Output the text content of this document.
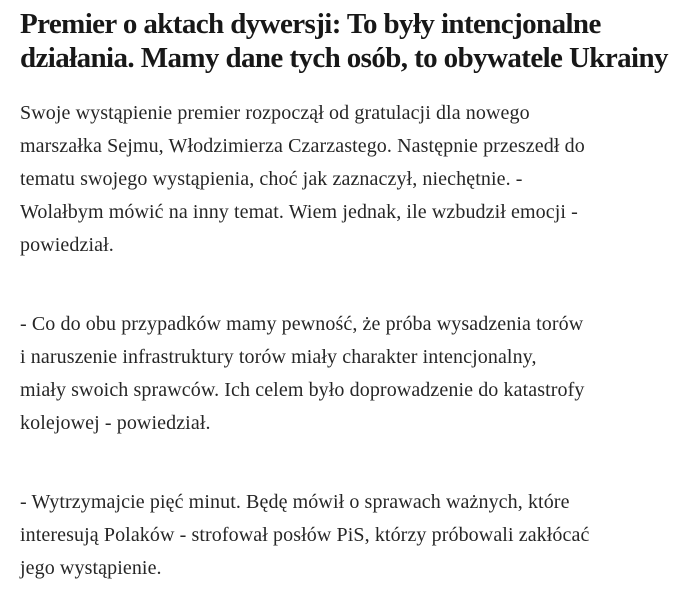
Premier o aktach dywersji: To były intencjonalne
działania. Mamy dane tych osób, to obywatele Ukrainy

Swoje wystąpienie premier rozpoczął od gratulacji dla nowego
marszałka Sejmu, Włodzimierza Czarzastego. Następnie przeszedł do
tematu swojego wystąpienia, choć jak zaznaczył, niechętnie. -
Wolałbym mówić na inny temat. Wiem jednak, ile wzbudził emocji -
powiedział.

- Co do obu przypadków mamy pewność, że próba wysadzenia torów
i naruszenie infrastruktury torów miały charakter intencjonalny,
miały swoich sprawców. Ich celem było doprowadzenie do katastrofy
kolejowej - powiedział.

- Wytrzymajcie pięć minut. Będę mówił o sprawach ważnych, które
interesują Polaków - strofował posłów PiS, którzy próbowali zakłócać
jego wystąpienie.
